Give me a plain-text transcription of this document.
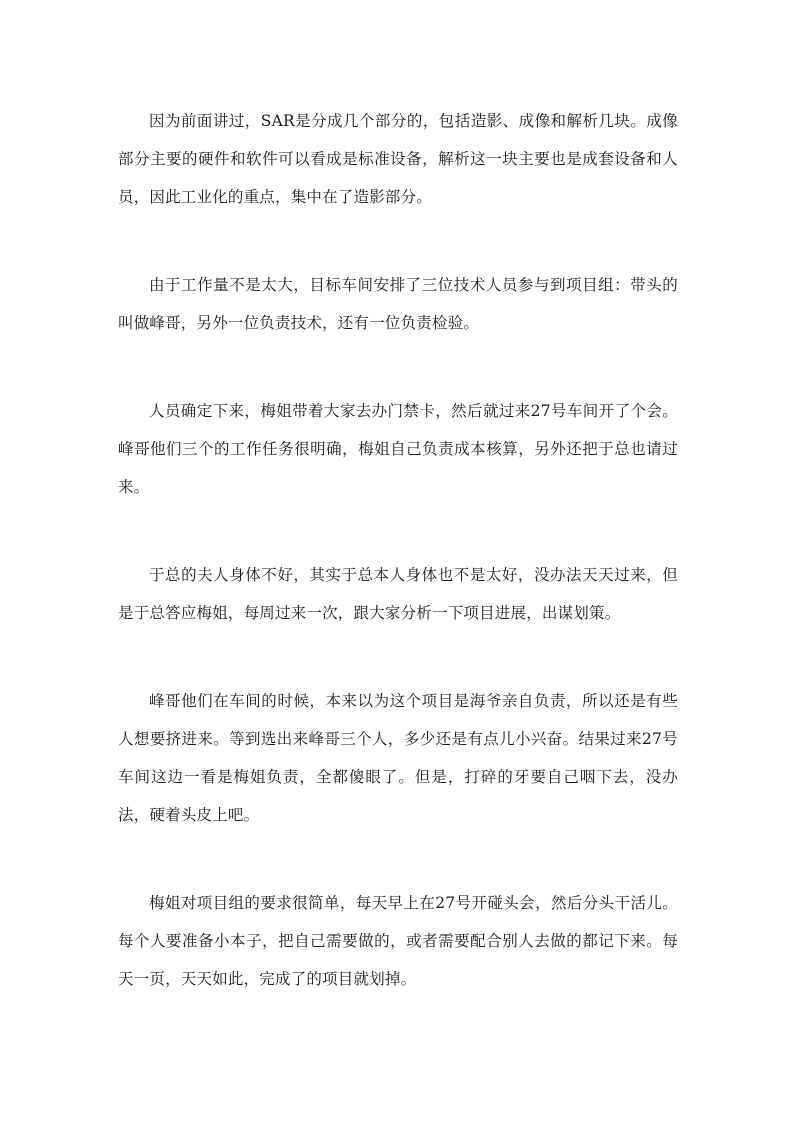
因为前面讲过，SAR是分成几个部分的，包括造影、成像和解析几块。成像部分主要的硬件和软件可以看成是标准设备，解析这一块主要也是成套设备和人员，因此工业化的重点，集中在了造影部分。

由于工作量不是太大，目标车间安排了三位技术人员参与到项目组：带头的叫做峰哥，另外一位负责技术，还有一位负责检验。

人员确定下来，梅姐带着大家去办门禁卡，然后就过来27号车间开了个会。峰哥他们三个的工作任务很明确，梅姐自己负责成本核算，另外还把于总也请过来。

于总的夫人身体不好，其实于总本人身体也不是太好，没办法天天过来，但是于总答应梅姐，每周过来一次，跟大家分析一下项目进展，出谋划策。

峰哥他们在车间的时候，本来以为这个项目是海爷亲自负责，所以还是有些人想要挤进来。等到选出来峰哥三个人，多少还是有点儿小兴奋。结果过来27号车间这边一看是梅姐负责，全都傻眼了。但是，打碎的牙要自己咽下去，没办法，硬着头皮上吧。

梅姐对项目组的要求很简单，每天早上在27号开碰头会，然后分头干活儿。每个人要准备小本子，把自己需要做的，或者需要配合别人去做的都记下来。每天一页，天天如此，完成了的项目就划掉。
